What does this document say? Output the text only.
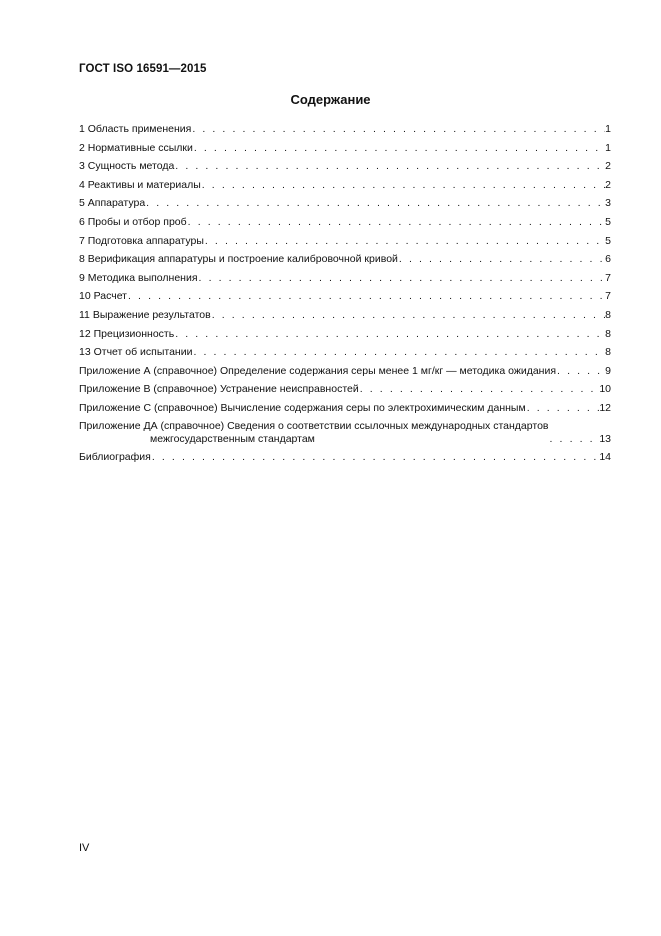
ГОСТ ISO 16591—2015
Содержание
1 Область применения . . .	1
2 Нормативные ссылки . . .	1
3 Сущность метода . . .	2
4 Реактивы и материалы . . .	2
5 Аппаратура . . .	3
6 Пробы и отбор проб . . .	5
7 Подготовка аппаратуры . . .	5
8 Верификация аппаратуры и построение калибровочной кривой . . .	6
9 Методика выполнения . . .	7
10 Расчет . . .	7
11 Выражение результатов . . .	8
12 Прецизионность . . .	8
13 Отчет об испытании . . .	8
Приложение А (справочное) Определение содержания серы менее 1 мг/кг — методика ожидания . . .	9
Приложение В (справочное) Устранение неисправностей . . .	10
Приложение С (справочное) Вычисление содержания серы по электрохимическим данным . . .	12
Приложение ДА (справочное) Сведения о соответствии ссылочных международных стандартов
межгосударственным стандартам . . .	13
Библиография . . .	14
IV
